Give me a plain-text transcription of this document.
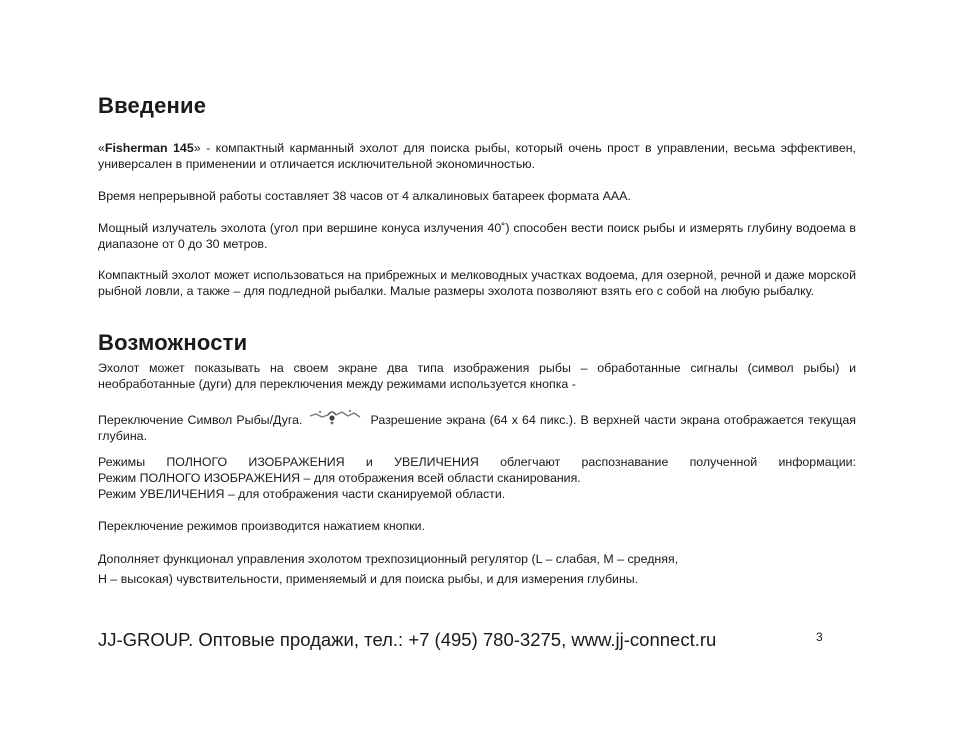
Введение

«Fisherman 145» - компактный карманный эхолот для поиска рыбы, который очень прост в управлении, весьма эффективен, универсален в применении и отличается исключительной экономичностью.

Время непрерывной работы составляет 38 часов от 4 алкалиновых батареек формата AAA.

Мощный излучатель эхолота (угол при вершине конуса излучения 40˚) способен вести поиск рыбы и измерять глубину водоема в диапазоне от 0 до 30 метров.

Компактный эхолот может использоваться на прибрежных и мелководных участках водоема, для озерной, речной и даже морской рыбной ловли, а также – для подледной рыбалки. Малые размеры эхолота позволяют взять его с собой на любую рыбалку.

Возможности

Эхолот может показывать на своем экране два типа изображения рыбы – обработанные сигналы (символ рыбы) и необработанные (дуги) для переключения между режимами используется кнопка -

Переключение Символ Рыбы/Дуга.	Разрешение экрана (64 x 64 пикс.). В верхней части экрана отображается текущая глубина.

Режимы ПОЛНОГО ИЗОБРАЖЕНИЯ и УВЕЛИЧЕНИЯ облегчают распознавание полученной информации:
Режим ПОЛНОГО ИЗОБРАЖЕНИЯ – для отображения всей области сканирования.
Режим УВЕЛИЧЕНИЯ – для отображения части сканируемой области.

Переключение режимов производится нажатием кнопки.

Дополняет функционал управления эхолотом трехпозиционный регулятор (L – слабая, M – средняя,
H – высокая) чувствительности, применяемый и для поиска рыбы, и для измерения глубины.

JJ-GROUP. Оптовые продажи, тел.: +7 (495) 780-3275, www.jj-connect.ru	3
